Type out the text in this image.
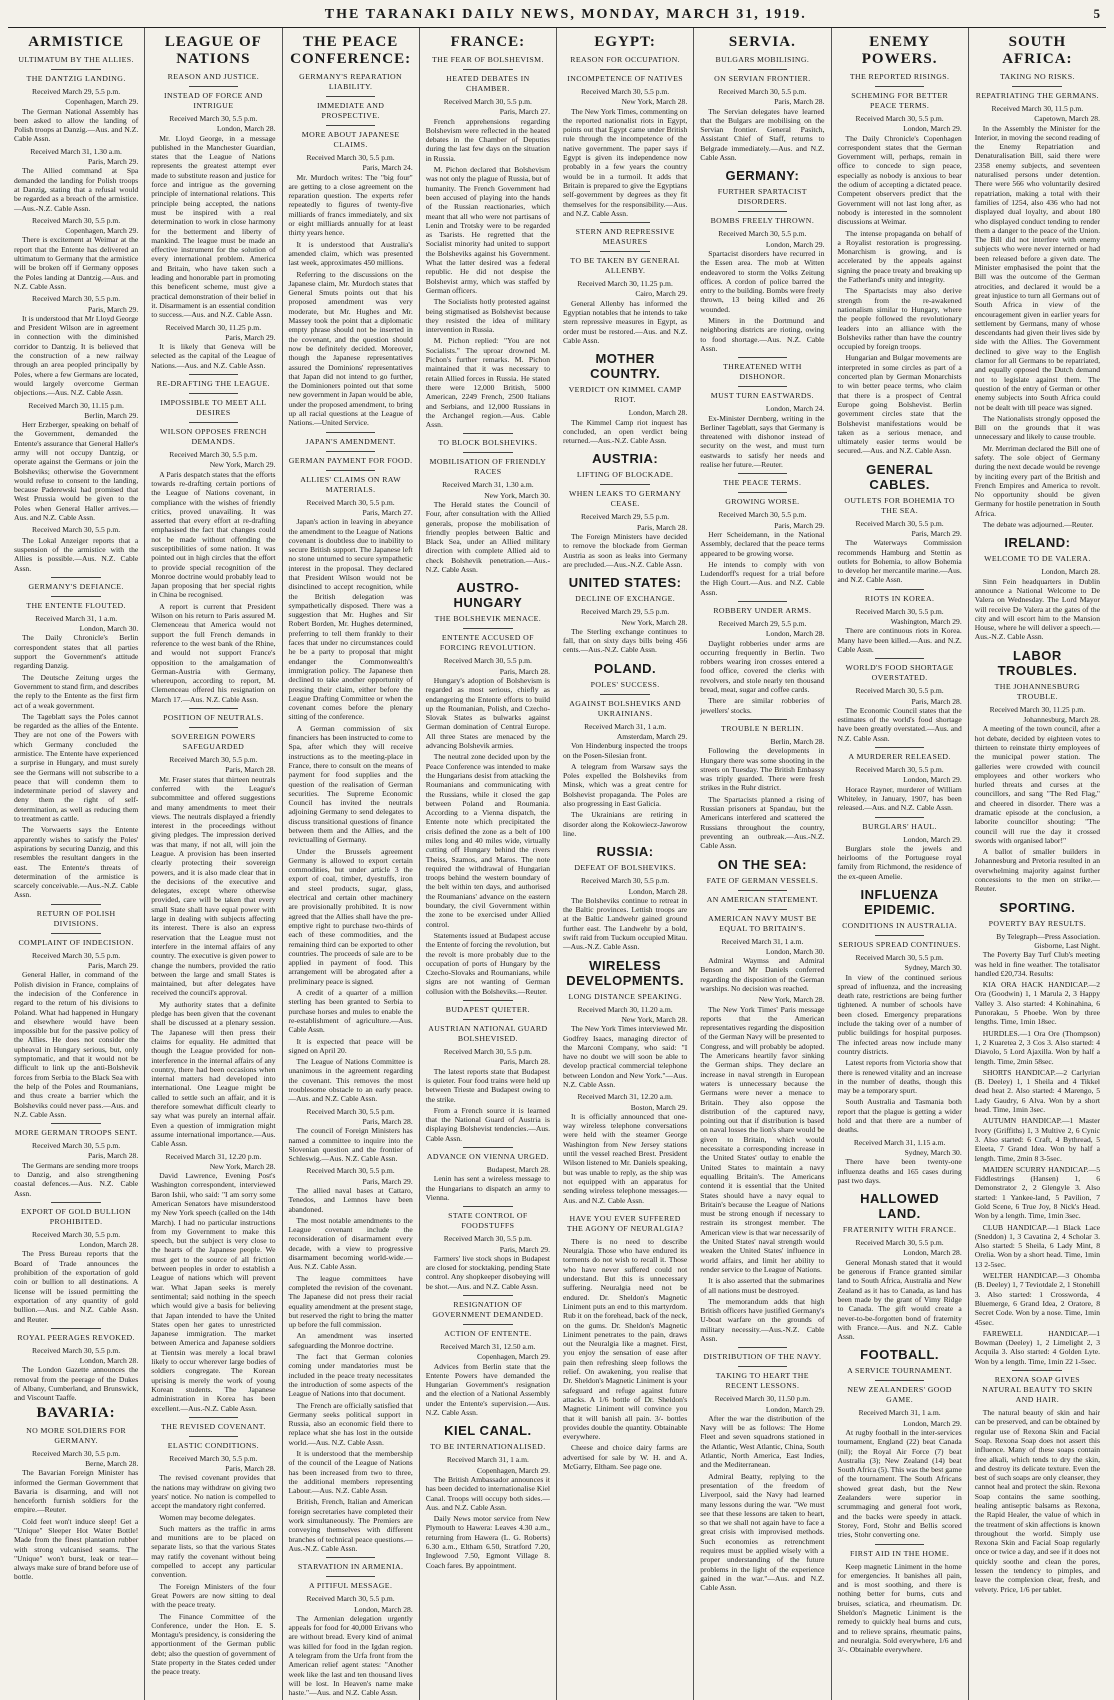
THE TARANAKI DAILY NEWS, MONDAY, MARCH 31, 1919.	5
ARMISTICE
ULTIMATUM BY THE ALLIES.
THE DANTZIG LANDING.
Received March 29, 5.5 p.m.
Copenhagen, March 29.
The German National Assembly has been asked to allow the landing of Polish troops at Danzig.—Aus. and N.Z. Cable Assn.
Received March 31, 1.30 a.m.
Paris, March 29.
The Allied command at Spa demanded the landing for Polish troops at Danzig, stating that a refusal would be regarded as a breach of the armistice.—Aus.-N.Z. Cable Assn.
Received March 30, 5.5 p.m.
Copenhagen, March 29.
There is excitement at Weimar at the report that the Entente has delivered an ultimatum to Germany that the armistice will be broken off if Germany opposes the Poles landing at Dantzig.—Aus. and N.Z. Cable Assn.
Received March 30, 5.5 p.m.
Paris, March 29.
It is understood that Mr Lloyd George and President Wilson are in agreement in connection with the diminished corridor to Dantzig. It is believed that the construction of a new railway through an area peopled principally by Poles, where a few Germans are located, would largely overcome German objections.—Aus. N.Z. Cable Assn.
Received March 30, 11.15 p.m.
Berlin, March 29.
Herr Erzberger, speaking on behalf of the Government, demanded the Entente's assurance that General Haller's army will not occupy Dantzig, or operate against the Germans or join the Bolsheviks; otherwise the Government would refuse to consent to the landing, because Paderewski had promised that West Prussia would be given to the Poles when General Haller arrives.—Aus. and N.Z. Cable Assn.
Received March 30, 5.5 p.m.
The Lokal Anzeiger reports that a suspension of the armistice with the Allies is possible.—Aus. N.Z. Cable Assn.
GERMANY'S DEFIANCE.
THE ENTENTE FLOUTED.
Received March 31, 1 a.m.
London, March 30.
The Daily Chronicle's Berlin correspondent states that all parties support the Government's attitude regarding Danzig.
The Deutsche Zeitung urges the Government to stand firm, and describes the reply to the Entente as the first firm act of a weak government.
The Tageblatt says the Poles cannot be regarded as the allies of the Entente. They are not one of the Powers with which Germany concluded the armistice. The Entente have experienced a surprise in Hungary, and must surely see the Germans will not subscribe to a peace that will condemn them to indeterminate period of slavery and deny them the right of self-determination, as well as reducing them to treatment as cattle.
The Vorwaerts says the Entente apparently wishes to satisfy the Poles' aspirations by securing Danzig, and this resembles the resultant dangers in the east. The Entente's threats of determination of the armistice is scarcely conceivable.—Aus.-N.Z. Cable Assn.
RETURN OF POLISH DIVISIONS.
COMPLAINT OF INDECISION.
Received March 30, 5.5 p.m.
Paris, March 29.
General Haller, in command of the Polish division in France, complains of the indecision of the Conference in regard to the return of his divisions to Poland. What had happened in Hungary and elsewhere would have been impossible but for the passive policy of the Allies. He does not consider the upheaval in Hungary serious, but, only symptomatic, and that it would not be difficult to link up the anti-Bolshevik forces from Serbia to the Black Sea with the help of the Poles and Roumanians, and thus create a barrier which the Bolsheviks could never pass.—Aus. and N.Z. Cable Assn.
MORE GERMAN TROOPS SENT.
Received March 30, 5.5 p.m.
Paris, March 28.
The Germans are sending more troops to Danzig, and also strengthening coastal defences.—Aus. N.Z. Cable Assn.
EXPORT OF GOLD BULLION PROHIBITED.
Received March 30, 5.5 p.m.
London, March 28.
The Press Bureau reports that the Board of Trade announces the prohibition of the exportation of gold coin or bullion to all destinations. A license will be issued permitting the exportation of any quantity of gold bullion.—Aus. and N.Z. Cable Assn. and Reuter.
ROYAL PEERAGES REVOKED.
Received March 30, 5.5 p.m.
London, March 28.
The London Gazette announces the removal from the peerage of the Dukes of Albany, Cumberland, and Brunswick, and Viscount Taaffe.
BAVARIA:
NO MORE SOLDIERS FOR GERMANY.
Received March 30, 5.5 p.m.
Berne, March 28.
The Bavarian Foreign Minister has informed the German Government that Bavaria is disarming, and will not henceforth furnish soldiers for the empire.—Reuter.
Cold feet won't induce sleep! Get a "Unique" Sleeper Hot Water Bottle! Made from the finest plantation rubber with strong vulcanised seams. The "Unique" won't burst, leak or tear—always make sure of brand before use of bottle.
LEAGUE OF NATIONS
REASON AND JUSTICE.
INSTEAD OF FORCE AND INTRIGUE
Received March 30, 5.5 p.m.
London, March 28.
Mr. Lloyd George, in a message published in the Manchester Guardian, states that the League of Nations represents the greatest attempt ever made to substitute reason and justice for force and intrigue as the governing principle of international relations. This principle being accepted, the nations must be inspired with a real determination to work in close harmony for the betterment and liberty of mankind. The league must be made an effective instrument for the solution of every international problem. America and Britain, who have taken such a leading and honorable part in promoting this beneficent scheme, must give a practical demonstration of their belief in it. Disarmament is an essential condition to success.—Aus. and N.Z. Cable Assn.
Received March 30, 11.25 p.m.
Paris, March 29.
It is likely that Geneva will be selected as the capital of the League of Nations.—Aus. and N.Z. Cable Assn.
RE-DRAFTING THE LEAGUE.
IMPOSSIBLE TO MEET ALL DESIRES
WILSON OPPOSES FRENCH DEMANDS.
Received March 30, 5.5 p.m.
New York, March 29.
A Paris despatch states that the efforts towards re-drafting certain portions of the League of Nations covenant, in compliance with the wishes of friendly critics, proved unavailing. It was asserted that every effort at re-drafting emphasised the fact that changes could not be made without offending the susceptibilities of some nation. It was pointed out in high circles that the effort to provide special recognition of the Monroe doctrine would probably lead to Japan proposing that her special rights in China be recognised.
A report is current that President Wilson on his return to Paris assured M. Clemenceau that America would not support the full French demands in reference to the west bank of the Rhine, and would not support France's opposition to the amalgamation of German-Austria with Germany, whereupon, according to report, M. Clemenceau offered his resignation on March 17.—Aus. N.Z. Cable Assn.
POSITION OF NEUTRALS.
SOVEREIGN POWERS SAFEGUARDED
Received March 30, 5.5 p.m.
Paris, March 28.
Mr. Fraser states that thirteen neutrals conferred with the League's subcommittee and offered suggestions and many amendments to meet their views. The neutrals displayed a friendly interest in the proceedings without giving pledges. The impression derived was that many, if not all, will join the League. A provision has been inserted clearly protecting their sovereign powers, and it is also made clear that in the decisions of the executive and delegates, except where otherwise provided, care will be taken that every small State shall have equal power with large in dealing with subjects affecting its interest. There is also an express reservation that the League must not interfere in the internal affairs of any country. The executive is given power to change the numbers, provided the ratio between the large and small States is maintained, but after delegates have received the council's approval.
My authority states that a definite pledge has been given that the covenant shall be discussed at a plenary session. The Japanese will then press their claims for equality. He admitted that though the League provided for non-interference in the internal affairs of any country, there had been occasions when internal matters had developed into international. One League might be called to settle such an affair, and it is therefore somewhat difficult clearly to say what was purely an internal affair. Even a question of immigration might assume international importance.—Aus. Cable Assn.
Received March 31, 12.20 p.m.
New York, March 28.
David Lawrence, Evening Post's Washington correspondent, interviewed Baron Ishii, who said: "I am sorry some American Senators have misunderstood my New York speech (called on the 14th March). I had no particular instructions from my Government to make this speech, but the subject is very close to the hearts of the Japanese people. We must get to the source of all friction between peoples in order to establish a League of nations which will prevent war. What Japan seeks is merely sentimental; said nothing in the speech which would give a basis for believing that Japan intended to have the United States open her gates to unrestricted Japanese immigration. The market between America and Japanese soldiers at Tientsin was merely a local brawl likely to occur wherever large bodies of soldiers congregate. The Korean uprising is merely the work of young Korean students. The Japanese administration in Korea has been excellent.—Aus.-N.Z. Cable Assn.
THE REVISED COVENANT.
ELASTIC CONDITIONS.
Received March 30, 5.5 p.m.
Paris, March 28.
The revised covenant provides that the nations may withdraw on giving two years' notice. No nation is compelled to accept the mandatory right conferred.
Women may become delegates.
Such matters as the traffic in arms and munitions are to be placed on separate lists, so that the various States may ratify the covenant without being compelled to accept any particular convention.
The Foreign Ministers of the four Great Powers are now sitting to deal with the peace treaty.
The Finance Committee of the Conference, under the Hon. E. S. Montagu's presidency, is considering the apportionment of the German public debt; also the question of government of State property in the States ceded under the peace treaty.
THE PEACE CONFERENCE:
GERMANY'S REPARATION LIABILITY.
IMMEDIATE AND PROSPECTIVE.
MORE ABOUT JAPANESE CLAIMS.
Received March 30, 5.5 p.m.
Paris, March 24.
Mr. Murdoch writes: The "big four" are getting to a close agreement on the reparation question. The experts refer repeatedly to figures of twenty-five milliards of francs immediately, and six or eight milliards annually for at least thirty years hence.
It is understood that Australia's amended claim, which was presented last week, approximates 450 millions.
Referring to the discussions on the Japanese claim, Mr. Murdoch states that General Smuts points out that his proposed amendment was very moderate, but Mr. Hughes and Mr. Massey took the point that a diplomatic empty phrase should not be inserted in the covenant, and the question should now be definitely decided. Moreover, though the Japanese representatives assured the Dominions' representatives that Japan did not intend to go further, the Dominioners pointed out that some new government in Japan would be able, under the proposed amendment, to bring up all racial questions at the League of Nations.—United Service.
JAPAN'S AMENDMENT.
GERMAN PAYMENT FOR FOOD.
ALLIES' CLAIMS ON RAW MATERIALS.
Received March 30, 5.5 p.m.
Paris, March 27.
Japan's action in leaving in abeyance the amendment to the League of Nations covenant is doubtless due to inability to secure British support. The Japanese left no stone unturned to secure sympathetic interest in the proposal. They declared that President Wilson would not be disinclined to accept recognition, while the British delegation was sympathetically disposed. There was a suggestion that Mr. Hughes and Sir Robert Borden, Mr. Hughes determined, preferring to tell them frankly to their faces that under no circumstances could he be a party to proposal that might endanger the Commonwealth's immigration policy. The Japanese then declined to take another opportunity of pressing their claim, either before the League Drafting Committee or when the covenant comes before the plenary sitting of the conference.
A German commission of six financiers has been instructed to come to Spa, after which they will receive instructions as to the meeting-place in France, there to consult on the means of payment for food supplies and the question of the realisation of German securities. The Supreme Economic Council has invited the neutrals adjoining Germany to send delegates to discuss transitional questions of finance between them and the Allies, and the revictualling of Germany.
Under the Brussels agreement Germany is allowed to export certain commodities, but under article 3 the export of coal, timber, dyestuffs, iron and steel products, sugar, glass, electrical and certain other machinery are provisionally prohibited. It is now agreed that the Allies shall have the pre-emptive right to purchase two-thirds of each of these commodities, and the remaining third can be exported to other countries. The proceeds of sale are to be applied in payment of food. This arrangement will be abrogated after a preliminary peace is signed.
A credit of a quarter of a million sterling has been granted to Serbia to purchase horses and mules to enable the re-establishment of agriculture.—Aus. Cable Assn.
It is expected that peace will be signed on April 20.
The League of Nations Committee is unanimous in the agreement regarding the covenant. This removes the most troublesome obstacle to an early peace.—Aus. and N.Z. Cable Assn.
Received March 30, 5.5 p.m.
Paris, March 28.
The council of Foreign Ministers has named a committee to inquire into the Slovenian question and the frontier of Schleswig.—Aus. N.Z. Cable Assn.
Received March 30, 5.5 p.m.
Paris, March 29.
The allied naval bases at Cattaro, Tenedos, and Lemnos have been abandoned.
The most notable amendments to the League covenant include the reconsideration of disarmament every decade, with a view to progressive disarmament becoming world-wide.—Aus. N.Z. Cable Assn.
The league committees have completed the revision of the covenant. The Japanese did not press their racial equality amendment at the present stage, but reserved the right to bring the matter up before the full commission.
An amendment was inserted safeguarding the Monroe doctrine.
The fact that German colonies coming under mandatories must be included in the peace treaty necessitates the introduction of some aspects of the League of Nations into that document.
The French are officially satisfied that Germany seeks political support in Russia, also an economic field there to replace what she has lost in the outside world.—Aus. N.Z. Cable Assn.
It is understood that the membership of the council of the League of Nations has been increased from two to three, the additional members representing Labour.—Aus. N.Z. Cable Assn.
British, French, Italian and American foreign secretaries have completed their work simultaneously. The Premiers are conveying themselves with different branches of technical peace questions.—Aus.-N.Z. Cable Assn.
STARVATION IN ARMENIA.
A PITIFUL MESSAGE.
Received March 30, 5.5 p.m.
London, March 28.
The Armenian delegation urgently appeals for food for 40,000 Erivans who are without bread. Every kind of animal was killed for food in the Igdan region. A telegram from the Urfa front from the American relief agent states: "Another week like the last and ten thousand lives will be lost. In Heaven's name make haste."—Aus. and N.Z. Cable Assn.
FRANCE:
THE FEAR OF BOLSHEVISM.
HEATED DEBATES IN CHAMBER.
Received March 30, 5.5 p.m.
Paris, March 27.
French apprehensions regarding Bolshevism were reflected in the heated debates in the Chamber of Deputies during the last few days on the situation in Russia.
M. Pichon declared that Bolshevism was not only the plague of Russia, but of humanity. The French Government had been accused of playing into the hands of the Russian reactionaries, which meant that all who were not partisans of Lenin and Trotsky were to be regarded as Tsarists. He regretted that the Socialist minority had united to support the Bolsheviks against his Government. What the latter desired was a federal republic. He did not despise the Bolshevist army, which was staffed by German officers.
The Socialists hotly protested against being stigmatised as Bolshevist because they resisted the idea of military intervention in Russia.
M. Pichon replied: "You are not Socialists." The uproar drowned M. Pichon's further remarks. M. Pichon maintained that it was necessary to retain Allied forces in Russia. He stated there were 12,000 British, 5000 American, 2249 French, 2500 Italians and Serbians, and 12,000 Russians in the Archangel region.—Aus. Cable Assn.
TO BLOCK BOLSHEVIKS.
MOBILISATION OF FRIENDLY RACES
Received March 31, 1.30 a.m.
New York, March 30.
The Herald states the Council of Four, after consultation with the Allied generals, propose the mobilisation of friendly peoples between Baltic and Black Sea, under an Allied military direction with complete Allied aid to check Bolshevik penetration.—Aus.-N.Z. Cable Assn.
AUSTRO-HUNGARY
THE BOLSHEVIK MENACE.
ENTENTE ACCUSED OF FORCING REVOLUTION.
Received March 30, 5.5 p.m.
Paris, March 28.
Hungary's adoption of Bolshevism is regarded as most serious, chiefly as endangering the Entente efforts to build up the Roumanian, Polish, and Czecho-Slovak States as bulwarks against German domination of Central Europe. All three States are menaced by the advancing Bolshevik armies.
The neutral zone decided upon by the Peace Conference was intended to make the Hungarians desist from attacking the Roumanians and communicating with the Russians, while it closed the gap between Poland and Roumania. According to a Vienna dispatch, the Entente note which precipitated the crisis defined the zone as a belt of 100 miles long and 40 miles wide, virtually cutting off Hungary behind the rivers Theiss, Szamos, and Maros. The note required the withdrawal of Hungarian troops behind the western boundary of the belt within ten days, and authorised the Roumanians' advance on the eastern boundary, the civil Government within the zone to be exercised under Allied control.
Statements issued at Budapest accuse the Entente of forcing the revolution, but the revolt is more probably due to the occupation of ports of Hungary by the Czecho-Slovaks and Roumanians, while signs are not wanting of German collusion with the Bolsheviks.—Reuter.
BUDAPEST QUIETER.
AUSTRIAN NATIONAL GUARD BOLSHEVISED.
Received March 30, 5.5 p.m.
Paris, March 28.
The latest reports state that Budapest is quieter. Four food trains were held up between Trieste and Budapest owing to the strike.
From a French source it is learned that the National Guard of Austria is displaying Bolshevist tendencies.—Aus. Cable Assn.
ADVANCE ON VIENNA URGED.
Budapest, March 28.
Lenin has sent a wireless message to the Hungarians to dispatch an army to Vienna.
STATE CONTROL OF FOODSTUFFS
Received March 30, 5.5 p.m.
Paris, March 29.
Farmers' live stock shops in Budapest are closed for stocktaking, pending State control. Any shopkeeper disobeying will be shot.—Aus. and N.Z. Cable Assn.
RESIGNATION OF GOVERNMENT DEMANDED.
ACTION OF ENTENTE.
Received March 31, 12.50 a.m.
Copenhagen, March 29.
Advices from Berlin state that the Entente Powers have demanded the Hungarian Government's resignation and the election of a National Assembly under the Entente's supervision.—Aus. N.Z. Cable Assn.
KIEL CANAL.
TO BE INTERNATIONALISED.
Received March 31, 1 a.m.
Copenhagen, March 29.
The British Ambassador announces it has been decided to internationalise Kiel Canal. Troops will occupy both sides.—Aus. and N.Z. Cable Assn.
Daily News motor service from New Plymouth to Hawera: Leaves 4.30 a.m., returning from Hawera (L. G. Roberts) 6.30 a.m., Eltham 6.50, Stratford 7.20, Inglewood 7.50, Egmont Village 8. Coach fares. By appointment.
EGYPT:
REASON FOR OCCUPATION.
INCOMPETENCE OF NATIVES
Received March 30, 5.5 p.m.
New York, March 28.
The New York Times, commenting on the reported nationalist riots in Egypt, points out that Egypt came under British rule through the incompetence of the native government. The paper says if Egypt is given its independence now probably in a few years the country would be in a turmoil. It adds that Britain is prepared to give the Egyptians self-government by degrees as they fit themselves for the responsibility.—Aus. and N.Z. Cable Assn.
STERN AND REPRESSIVE MEASURES
TO BE TAKEN BY GENERAL ALLENBY.
Received March 30, 11.25 p.m.
Cairo, March 29.
General Allenby has informed the Egyptian notables that he intends to take stern repressive measures in Egypt, as order must be restored.—Aus. and N.Z. Cable Assn.
MOTHER COUNTRY.
VERDICT ON KIMMEL CAMP RIOT.
London, March 28.
The Kimmel Camp riot inquest has concluded, an open verdict being returned.—Aus.-N.Z. Cable Assn.
AUSTRIA:
LIFTING OF BLOCKADE.
WHEN LEAKS TO GERMANY CEASE.
Received March 29, 5.5 p.m.
Paris, March 28.
The Foreign Ministers have decided to remove the blockade from German Austria as soon as leaks into Germany are precluded.—Aus.-N.Z. Cable Assn.
UNITED STATES:
DECLINE OF EXCHANGE.
Received March 29, 5.5 p.m.
New York, March 28.
The Sterling exchange continues to fall, that on sixty days bills being 456 cents.—Aus.-N.Z. Cable Assn.
POLAND.
POLES' SUCCESS.
AGAINST BOLSHEVIKS AND UKRAINIANS.
Received March 31, 1 a.m.
Amsterdam, March 29.
Von Hindenburg inspected the troops on the Posen-Silesian front.
A telegram from Warsaw says the Poles expelled the Bolsheviks from Minsk, which was a great centre for Bolshevist propaganda. The Poles are also progressing in East Galicia.
The Ukrainians are retiring in disorder along the Kokowiecz-Jaworow line.
RUSSIA:
DEFEAT OF BOLSHEVIKS.
Received March 30, 5.5 p.m.
London, March 28.
The Bolsheviks continue to retreat in the Baltic provinces. Lettish troops are at the Baltic Landwehr gained ground further east. The Landwehr by a bold, swift raid from Tuckum occupied Mitau.—Aus.-N.Z. Cable Assn.
WIRELESS DEVELOPMENTS.
LONG DISTANCE SPEAKING.
Received March 30, 11.20 a.m.
New York, March 28.
The New York Times interviewed Mr. Godfrey Isaacs, managing director of the Marconi Company, who said: "I have no doubt we will soon be able to develop practical commercial telephone between London and New York."—Aus. N.Z. Cable Assn.
Received March 31, 12.20 a.m.
Boston, March 29.
It is officially announced that one-way wireless telephone conversations were held with the steamer George Washington from New Jersey stations until the vessel reached Brest. President Wilson listened to Mr. Daniels speaking, but was unable to reply, as the ship was not equipped with an apparatus for sending wireless telephone messages.—Aus. and N.Z. Cable Assn.
HAVE YOU EVER SUFFERED THE AGONY OF NEURALGIA?
There is no need to describe Neuralgia. Those who have endured its torments do not wish to recall it. Those who have never suffered could not understand. But this is unnecessary suffering. Neuralgia need not be endured. Dr. Sheldon's Magnetic Liniment puts an end to this martyrdom. Rub it on the forehead, back of the neck, on the gums. Dr. Sheldon's Magnetic Liniment penetrates to the pain, draws out the Neuralgia like a magnet. First, you enjoy the sensation of ease after pain then refreshing sleep follows the relief. On awakening, you realise that Dr. Sheldon's Magnetic Liniment is your safeguard and refuge against future attacks. A 1/6 bottle of Dr. Sheldon's Magnetic Liniment will convince you that it will banish all pain. 3/- bottles provides double the quantity. Obtainable everywhere.
Cheese and choice dairy farms are advertised for sale by W. H. and A. McGarry, Eltham. See page one.
SERVIA.
BULGARS MOBILISING.
ON SERVIAN FRONTIER.
Received March 30, 5.5 p.m.
Paris, March 28.
The Servian delegates have learned that the Bulgars are mobilising on the Servian frontier. General Pasitch, Assistant Chief of Staff, returns to Belgrade immediately.—Aus. and N.Z. Cable Assn.
GERMANY:
FURTHER SPARTACIST DISORDERS.
BOMBS FREELY THROWN.
Received March 30, 5.5 p.m.
London, March 29.
Spartacist disorders have recurred in the Essen area. The mob at Witten endeavored to storm the Volks Zeitung offices. A cordon of police barred the entry to the building. Bombs were freely thrown, 13 being killed and 26 wounded.
Miners in the Dortmund and neighboring districts are rioting, owing to food shortage.—Aus. N.Z. Cable Assn.
THREATENED WITH DISHONOR.
MUST TURN EASTWARDS.
London, March 24.
Ex-Minister Dernberg, writing in the Berliner Tageblatt, says that Germany is threatened with dishonor instead of security on the west, and must turn eastwards to satisfy her needs and realise her future.—Reuter.
THE PEACE TERMS.
GROWING WORSE.
Received March 30, 5.5 p.m.
Paris, March 29.
Herr Scheidemann, in the National Assembly, declared that the peace terms appeared to be growing worse.
He intends to comply with von Ludendorff's request for a trial before the High Court.—Aus. and N.Z. Cable Assn.
ROBBERY UNDER ARMS.
Received March 29, 5.5 p.m.
London, March 28.
Daylight robberies under arms are occurring frequently in Berlin. Two robbers wearing iron crosses entered a food office, covered the clerks with revolvers, and stole nearly ten thousand bread, meat, sugar and coffee cards.
There are similar robberies of jewellers' stocks.
TROUBLE N BERLIN.
Berlin, March 28.
Following the developments in Hungary there was some shooting in the streets on Tuesday. The British Embassy was triply guarded. There were fresh strikes in the Ruhr district.
The Spartacists planned a rising of Russian prisoners at Spandau, but the Americans interfered and scattered the Russians throughout the country, preventing an outbreak.—Aus.-N.Z. Cable Assn.
ON THE SEA:
FATE OF GERMAN VESSELS.
AN AMERICAN STATEMENT.
AMERICAN NAVY MUST BE EQUAL TO BRITAIN'S.
Received March 31, 1 a.m.
London, March 30.
Admiral Waymss and Admiral Benson and Mr Daniels conferred regarding the disposition of the German warships. No decision was reached.
New York, March 28.
The New York Times' Paris message reports that the American representatives regarding the disposition of the German Navy will be presented to Congress, and will probably be adopted. The Americans heartily favor sinking the German ships. They declare an increase in naval strength in European waters is unnecessary because the Germans were never a menace to Britain. They also oppose the distribution of the captured navy, pointing out that if distribution is based on naval losses the lion's share would be given to Britain, which would necessitate a corresponding increase in the United States' outlay to enable the United States to maintain a navy equalling Britain's. The Americans contend it is essential that the United States should have a navy equal to Britain's because the League of Nations must be strong enough if necessary to restrain its strongest member. The American view is that war necessarily of the United States' naval strength would weaken the United States' influence in world affairs, and limit her ability to render service to the League of Nations.
It is also asserted that the submarines of all nations must be destroyed.
The memorandum adds that high British officers have justified Germany's U-boat warfare on the grounds of military necessity.—Aus.-N.Z. Cable Assn.
DISTRIBUTION OF THE NAVY.
TAKING TO HEART THE RECENT LESSONS.
Received March 30, 11.50 p.m.
London, March 29.
After the war the distribution of the Navy will be as follows: The Home Fleet and seven squadrons stationed in the Atlantic, West Atlantic, China, South Atlantic, North America, East Indies, and the Mediterranean.
Admiral Beatty, replying to the presentation of the freedom of Liverpool, said the Navy had learned many lessons during the war. "We must see that these lessons are taken to heart, so that we shall not again have to face a great crisis with improvised methods. Such economies as retrenchment requires must be applied wisely with a proper understanding of the future problems in the light of the experience gained in the war."—Aus. and N.Z. Cable Assn.
ENEMY POWERS.
THE REPORTED RISINGS.
SCHEMING FOR BETTER PEACE TERMS.
Received March 30, 5.5 p.m.
London, March 29.
The Daily Chronicle's Copenhagen correspondent states that the German Government will, perhaps, remain in office to concede to sign peace, especially as nobody is anxious to bear the odium of accepting a dictated peace. Competent observers predict that the Government will not last long after, as nobody is interested in the somnolent discussions at Weimar.
The intense propaganda on behalf of a Royalist restoration is progressing. Monarchism is growing, and is accelerated by the appeals against signing the peace treaty and breaking up the Fatherland's unity and integrity.
The Spartacists may also derive strength from the re-awakened nationalism similar to Hungary, where the people followed the revolutionary leaders into an alliance with the Bolsheviks rather than have the country occupied by foreign troops.
Hungarian and Bulgar movements are interpreted in some circles as part of a concerted plan by German Monarchists to win better peace terms, who claim that there is a prospect of Central Europe going Bolshevist. Berlin government circles state that the Bolshevist manifestations would be taken as a serious menace, and ultimately easier terms would be secured.—Aus. and N.Z. Cable Assn.
GENERAL CABLES.
OUTLETS FOR BOHEMIA TO THE SEA.
Received March 30, 5.5 p.m.
Paris, March 29.
The Waterways Commission recommends Hamburg and Stettin as outlets for Bohemia, to allow Bohemia to develop her mercantile marine.—Aus. and N.Z. Cable Assn.
RIOTS IN KOREA.
Received March 30, 5.5 p.m.
Washington, March 29.
There are continuous riots in Korea. Many have been killed.—Aus. and N.Z. Cable Assn.
WORLD'S FOOD SHORTAGE OVERSTATED.
Received March 30, 5.5 p.m.
Paris, March 28.
The Economic Council states that the estimates of the world's food shortage have been greatly overstated.—Aus. and N.Z. Cable Assn.
A MURDERER RELEASED.
Received March 30, 5.5 p.m.
London, March 29.
Horace Rayner, murderer of William Whiteley, in January, 1907, has been released.—Aus. and N.Z. Cable Assn.
BURGLARS' HAUL.
London, March 29.
Burglars stole the jewels and heirlooms of the Portuguese royal family from Richmond, the residence of the ex-queen Amelie.
INFLUENZA EPIDEMIC.
CONDITIONS IN AUSTRALIA.
SERIOUS SPREAD CONTINUES.
Received March 30, 5.5 p.m.
Sydney, March 30.
In view of the continued serious spread of influenza, and the increasing death rate, restrictions are being further tightened. A number of schools have been closed. Emergency preparations include the taking over of a number of public buildings for hospital purposes. The infected areas now include many country districts.
Latest reports from Victoria show that there is renewed vitality and an increase in the number of deaths, though this may be a temporary spurt.
South Australia and Tasmania both report that the plague is getting a wider hold and that there are a number of deaths.
Received March 31, 1.15 a.m.
Sydney, March 30.
There have been twenty-one influenza deaths and 165 cases during past two days.
HALLOWED LAND.
FRATERNITY WITH FRANCE.
Received March 30, 5.5 p.m.
London, March 28.
General Monash stated that it would be generous if France granted similar land to South Africa, Australia and New Zealand as it has to Canada, as land has been made by the grant of Vimy Ridge to Canada. The gift would create a never-to-be-forgotten bond of fraternity with France.—Aus. and N.Z. Cable Assn.
FOOTBALL.
A SERVICE TOURNAMENT.
NEW ZEALANDERS' GOOD GAME.
Received March 31, 1 a.m.
London, March 29.
At rugby football in the inter-services tournament, England (22) beat Canada (nil); the Royal Air Force (7) beat Australia (3); New Zealand (14) beat South Africa (5). This was the best game of the tournament. The South Africans showed great dash, but the New Zealanders were superior in scrummaging and general foot work, and the backs were speedy in attack. Storey, Ford, Stohr and Bellis scored tries, Stohr converting one.
FIRST AID IN THE HOME.
Keep magnetic Liniment in the home for emergencies. It banishes all pain, and is most soothing, and there is nothing better for burns, cuts and bruises, sciatica, and rheumatism. Dr. Sheldon's Magnetic Liniment is the remedy to quickly heal burns and cuts, and to relieve sprains, rheumatic pains, and neuralgia. Sold everywhere, 1/6 and 3/-. Obtainable everywhere.
SOUTH AFRICA:
TAKING NO RISKS.
REPATRIATING THE GERMANS.
Received March 30, 11.5 p.m.
Capetown, March 28.
In the Assembly the Minister for the Interior, in moving the second reading of the Enemy Repatriation and Denaturalisation Bill, said there were 2358 enemy subjects, and seventeen naturalised persons under detention. There were 566 who voluntarily desired repatriation, making a total with their families of 1254, also 436 who had not displayed dual loyalty, and about 180 who displayed conduct tending to render them a danger to the peace of the Union. The Bill did not interfere with enemy subjects who were never interned or had been released before a given date. The Minister emphasised the point that the Bill was the outcome of the German atrocities, and declared it would be a great injustice to turn all Germans out of South Africa in view of the encouragement given in earlier years for settlement by Germans, many of whose descendants had given their lives side by side with the Allies. The Government declined to give way to the English clamor for all Germans to be repatriated, and equally opposed the Dutch demand not to legislate against them. The question of the entry of German or other enemy subjects into South Africa could not be dealt with till peace was signed.
The Nationalists strongly opposed the Bill on the grounds that it was unnecessary and likely to cause trouble.
Mr. Merriman declared the Bill one of safety. The sole object of Germany during the next decade would be revenge by inciting every part of the British and French Empires and America to revolt. No opportunity should be given Germany for hostile penetration in South Africa.
The debate was adjourned.—Reuter.
IRELAND:
WELCOME TO DE VALERA.
London, March 28.
Sinn Fein headquarters in Dublin announce a National Welcome to De Valera on Wednesday. The Lord Mayor will receive De Valera at the gates of the city and will escort him to the Mansion House, where he will deliver a speech.—Aus.-N.Z. Cable Assn.
LABOR TROUBLES.
THE JOHANNESBURG TROUBLE.
Received March 30, 11.25 p.m.
Johannesburg, March 28.
A meeting of the town council, after a hot debate, decided by eighteen votes to thirteen to reinstate thirty employees of the municipal power station. The galleries were crowded with council employees and other workers who hurled threats and curses at the councillors, and sang "The Red Flag," and cheered in disorder. There was a dramatic episode at the conclusion, a laborite councillor shouting: "The council will rue the day it crossed swords with organised labor!"
A ballot of smaller builders in Johannesburg and Pretoria resulted in an overwhelming majority against further concessions to the men on strike.—Reuter.
SPORTING.
POVERTY BAY RESULTS.
By Telegraph—Press Association. Gisborne, Last Night.
The Poverty Bay Turf Club's meeting was held in fine weather. The totalisator handled £20,734. Results:
KIA ORA HACK HANDICAP.—2 Ora (Goodwin) 1, 1 Marula 2, 3 Happy Valley 3. Also started: 4 Kohinahina, 6 Punorakau, 5 Phoebe. Won by three lengths. Time, 1min 18sec.
HURDLES.—1 Ora Ore (Thompson) 1, 2 Kuaretea 2, 3 Cos 3. Also started: 4 Diavolo, 5 Lord Ajaxilla. Won by half a length. Time, 2min 58sec.
SHORTS HANDICAP.—2 Carlyrian (B. Deeley) 1, 1 Sheila and 4 Tikkel dead heat 2. Also started: 4 Marengo, 5 Lady Gaudry, 6 Alva. Won by a short head. Time, 1min 3sec.
AUTUMN HANDICAP.—1 Master Ivory (Griffiths) 1, 3 Multive 2, 6 Cynic 3. Also started: 6 Craft, 4 Bythread, 5 Eleeta, 7 Grand Idea. Won by half a length. Time, 2min 8 3-5sec.
MAIDEN SCURRY HANDICAP.—5 Fiddlestrings (Hansen) 1, 6 Demonstrator 2, 2 Glengyle 3. Also started: 1 Yankee-land, 5 Pavilion, 7 Gold Scene, 6 True Joy, 8 Nick's Head. Won by a length. Time, 1min 3sec.
CLUB HANDICAP.—1 Black Lace (Sneddon) 1, 3 Cavatina 2, 4 Scholar 3. Also started: 5 Sheila, 6 Lady Mint, 8 Orelia. Won by a short head. Time, 1min 13 2-5sec.
WELTER HANDICAP.—3 Ohomba (B. Deeley) 1, 7 Teviotdale 2, 1 Stonehill 3. Also started: 1 Crossworda, 4 Bluemerge, 6 Grand Idea, 2 Oratore, 8 Secret Code. Won by a nose. Time, 1min 45sec.
FAREWELL HANDICAP.—1 Bowman (Deeley) 1, 2 Limelight 2, 3 Acquila 3. Also started: 4 Golden Lyte. Won by a length. Time, 1min 22 1-5sec.
REXONA SOAP GIVES NATURAL BEAUTY TO SKIN AND HAIR.
The natural beauty of skin and hair can be preserved, and can be obtained by regular use of Rexona Skin and Facial Soap. Rexona Soap does not assert this influence. Many of these soaps contain free alkali, which tends to dry the skin, and destroy its delicate texture. Even the best of such soaps are only cleanser, they cannot heal and protect the skin. Rexona Soap contains the same soothing, healing antiseptic balsams as Rexona, the Rapid Healer, the value of which in the treatment of skin affections is known throughout the world. Simply use Rexona Skin and Facial Soap regularly once or twice a day, and see if it does not quickly soothe and clean the pores, lessen the tendency to pimples, and leave the complexion clear, fresh, and velvety. Price, 1/6 per tablet.
